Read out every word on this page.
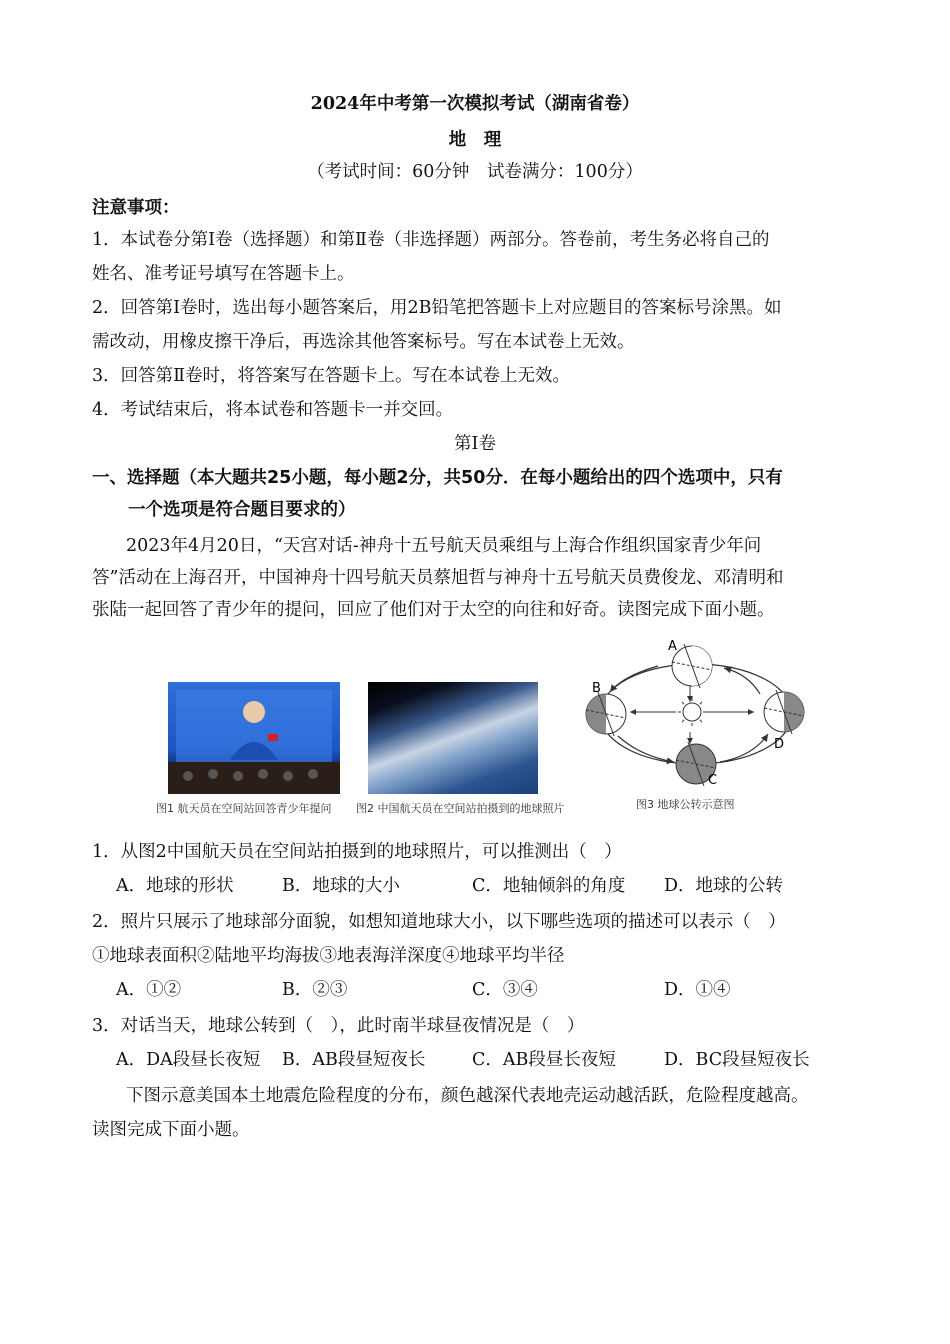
2024年中考第一次模拟考试（湖南省卷）
地　理
（考试时间：60分钟　试卷满分：100分）
注意事项：
1．本试卷分第Ⅰ卷（选择题）和第Ⅱ卷（非选择题）两部分。答卷前，考生务必将自己的
姓名、准考证号填写在答题卡上。
2．回答第Ⅰ卷时，选出每小题答案后，用2B铅笔把答题卡上对应题目的答案标号涂黑。如
需改动，用橡皮擦干净后，再选涂其他答案标号。写在本试卷上无效。
3．回答第Ⅱ卷时，将答案写在答题卡上。写在本试卷上无效。
4．考试结束后，将本试卷和答题卡一并交回。
第Ⅰ卷
一、选择题（本大题共25小题，每小题2分，共50分．在每小题给出的四个选项中，只有
一个选项是符合题目要求的）
2023年4月20日，“天宫对话-神舟十五号航天员乘组与上海合作组织国家青少年问
答”活动在上海召开，中国神舟十四号航天员蔡旭哲与神舟十五号航天员费俊龙、邓清明和
张陆一起回答了青少年的提问，回应了他们对于太空的向往和好奇。读图完成下面小题。
图1 航天员在空间站回答青少年提问 图2 中国航天员在空间站拍摄到的地球照片
A
B
C
D
图3 地球公转示意图
1．从图2中国航天员在空间站拍摄到的地球照片，可以推测出（　）
A．地球的形状	B．地球的大小	C．地轴倾斜的角度 D．地球的公转
2．照片只展示了地球部分面貌，如想知道地球大小，以下哪些选项的描述可以表示（　）
①地球表面积②陆地平均海拔③地表海洋深度④地球平均半径
A．①②	B．②③	C．③④	D．①④
3．对话当天，地球公转到（　），此时南半球昼夜情况是（　）
A．DA段昼长夜短 B．AB段昼短夜长	C．AB段昼长夜短	D．BC段昼短夜长
下图示意美国本土地震危险程度的分布，颜色越深代表地壳运动越活跃，危险程度越高。
读图完成下面小题。
